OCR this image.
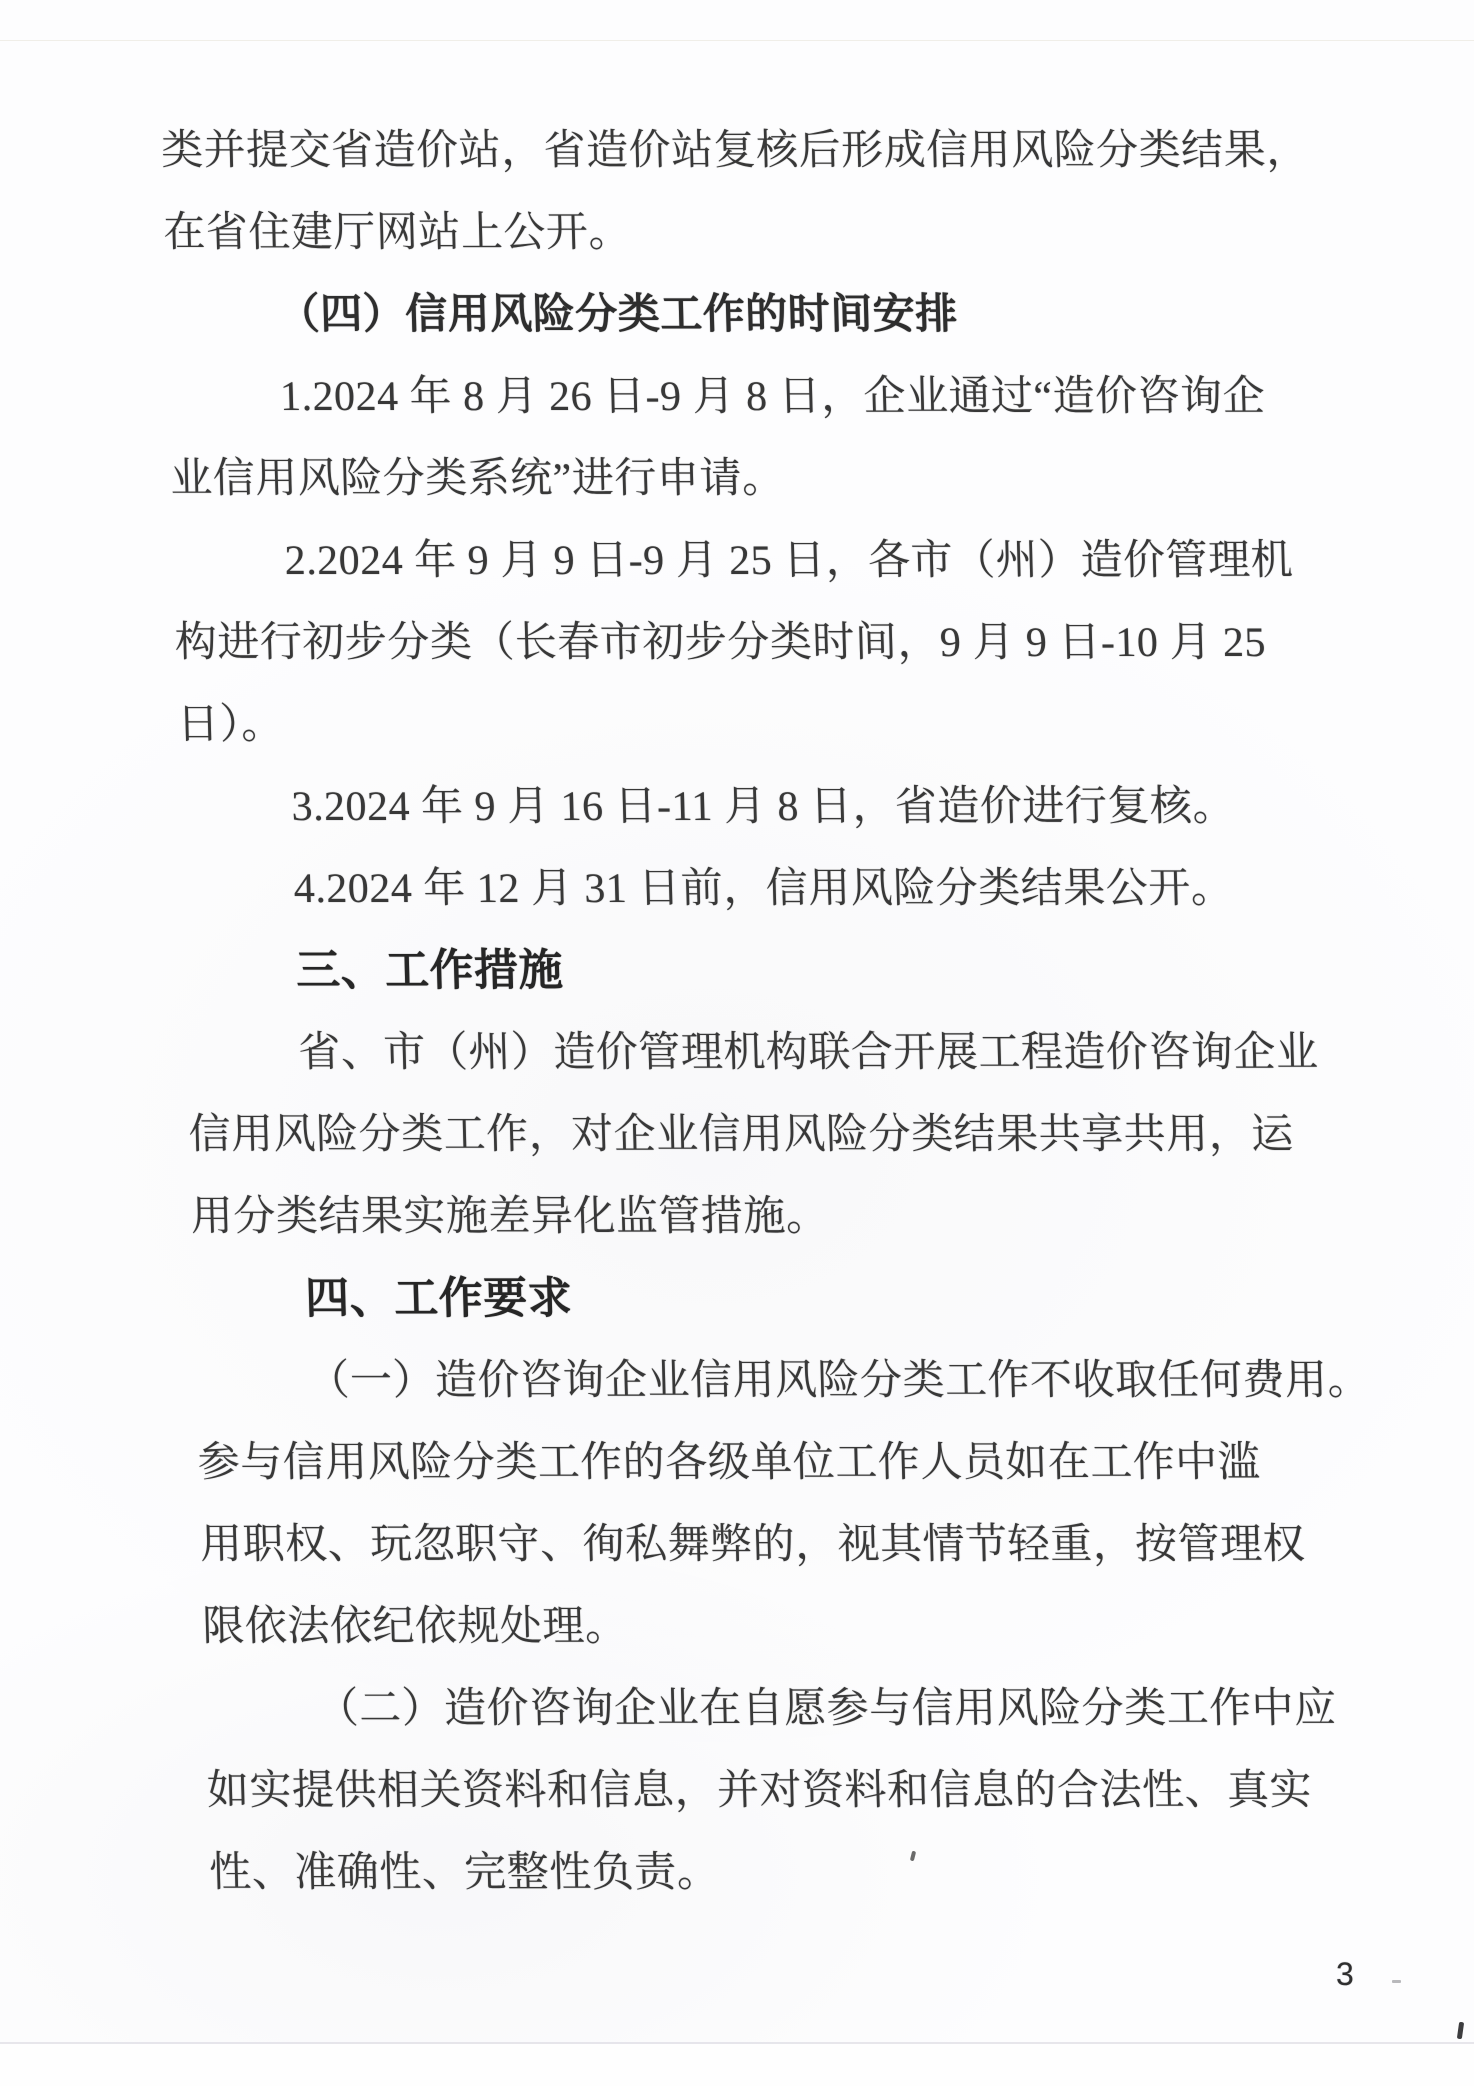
类并提交省造价站，省造价站复核后形成信用风险分类结果，
在省住建厅网站上公开。
（四）信用风险分类工作的时间安排
1.2024 年 8 月 26 日-9 月 8 日，企业通过“造价咨询企
业信用风险分类系统”进行申请。
2.2024 年 9 月 9 日-9 月 25 日，各市（州）造价管理机
构进行初步分类（长春市初步分类时间，9 月 9 日-10 月 25
日）。
3.2024 年 9 月 16 日-11 月 8 日，省造价进行复核。
4.2024 年 12 月 31 日前，信用风险分类结果公开。
三、工作措施
省、市（州）造价管理机构联合开展工程造价咨询企业
信用风险分类工作，对企业信用风险分类结果共享共用，运
用分类结果实施差异化监管措施。
四、工作要求
（一）造价咨询企业信用风险分类工作不收取任何费用。
参与信用风险分类工作的各级单位工作人员如在工作中滥
用职权、玩忽职守、徇私舞弊的，视其情节轻重，按管理权
限依法依纪依规处理。
（二）造价咨询企业在自愿参与信用风险分类工作中应
如实提供相关资料和信息，并对资料和信息的合法性、真实
性、准确性、完整性负责。
3
